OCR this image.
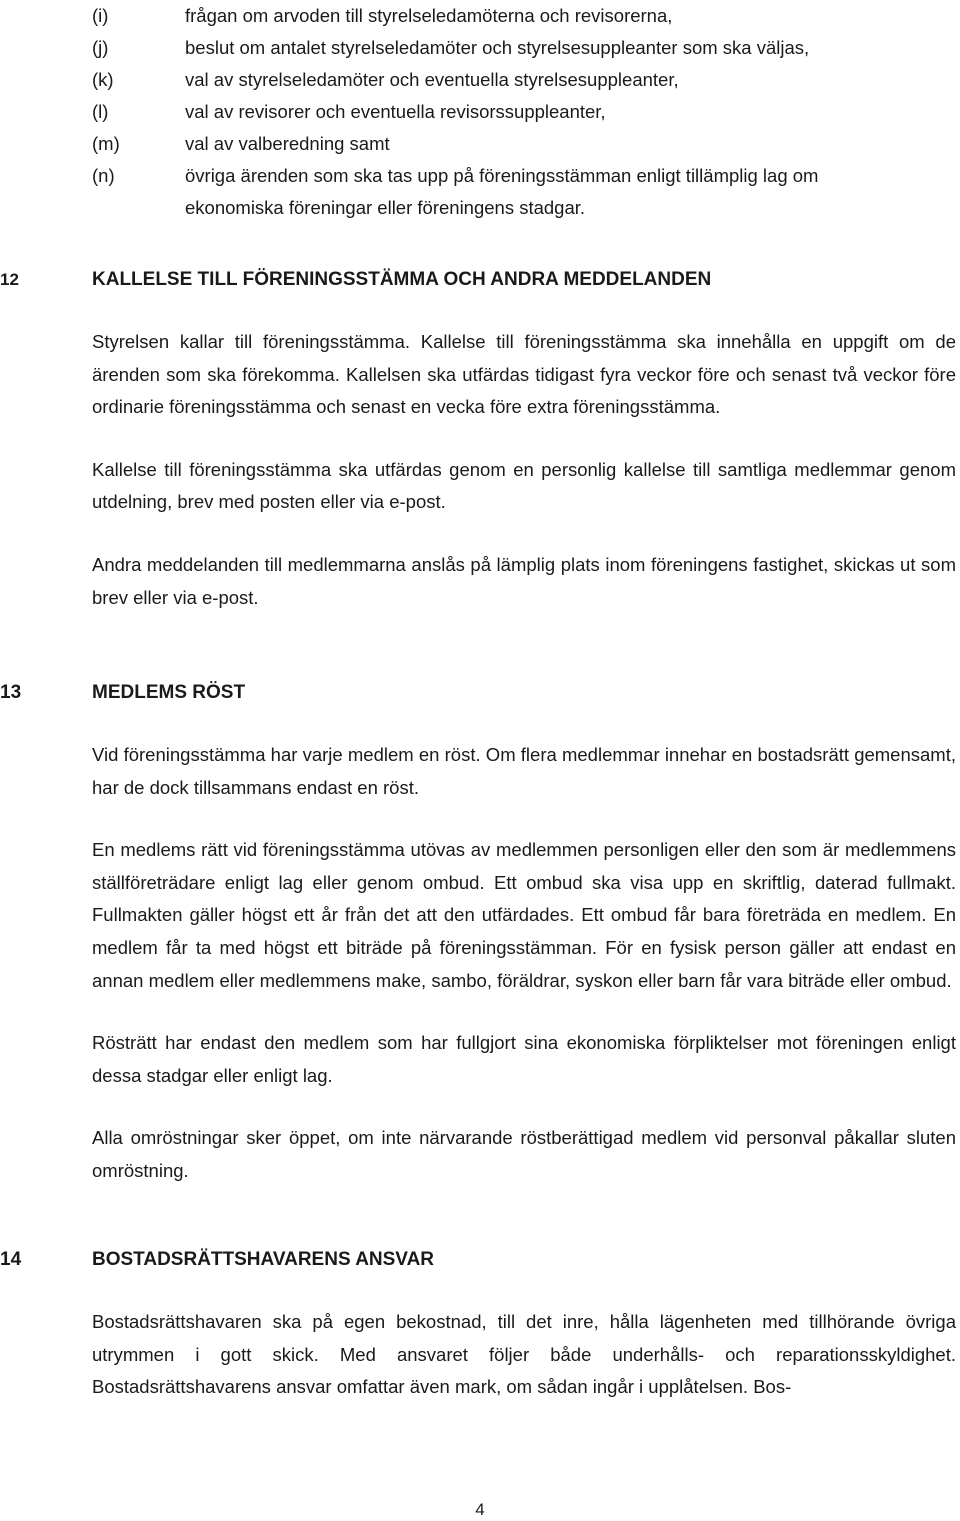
(i)	frågan om arvoden till styrelseledamöterna och revisorerna,
(j)	beslut om antalet styrelseledamöter och styrelsesuppleanter som ska väljas,
(k)	val av styrelseledamöter och eventuella styrelsesuppleanter,
(l)	val av revisorer och eventuella revisorssuppleanter,
(m)	val av valberedning samt
(n)	övriga ärenden som ska tas upp på föreningsstämman enligt tillämplig lag om
ekonomiska föreningar eller föreningens stadgar.
12	KALLELSE TILL FÖRENINGSSTÄMMA OCH ANDRA MEDDELANDEN

Styrelsen kallar till föreningsstämma. Kallelse till föreningsstämma ska innehålla en uppgift om de ärenden som ska förekomma. Kallelsen ska utfärdas tidigast fyra veckor före och senast två veckor före ordinarie föreningsstämma och senast en vecka före extra föreningsstämma.

Kallelse till föreningsstämma ska utfärdas genom en personlig kallelse till samtliga medlemmar genom utdelning, brev med posten eller via e-post.

Andra meddelanden till medlemmarna anslås på lämplig plats inom föreningens fastighet, skickas ut som brev eller via e-post.

13	MEDLEMS RÖST

Vid föreningsstämma har varje medlem en röst. Om flera medlemmar innehar en bostadsrätt gemensamt, har de dock tillsammans endast en röst.

En medlems rätt vid föreningsstämma utövas av medlemmen personligen eller den som är medlemmens ställföreträdare enligt lag eller genom ombud. Ett ombud ska visa upp en skriftlig, daterad fullmakt. Fullmakten gäller högst ett år från det att den utfärdades. Ett ombud får bara företräda en medlem. En medlem får ta med högst ett biträde på föreningsstämman. För en fysisk person gäller att endast en annan medlem eller medlemmens make, sambo, föräldrar, syskon eller barn får vara biträde eller ombud.

Rösträtt har endast den medlem som har fullgjort sina ekonomiska förpliktelser mot föreningen enligt dessa stadgar eller enligt lag.

Alla omröstningar sker öppet, om inte närvarande röstberättigad medlem vid personval påkallar sluten omröstning.

14	BOSTADSRÄTTSHAVARENS ANSVAR

Bostadsrättshavaren ska på egen bekostnad, till det inre, hålla lägenheten med tillhörande övriga utrymmen i gott skick. Med ansvaret följer både underhålls- och reparationsskyldighet. Bostadsrättshavarens ansvar omfattar även mark, om sådan ingår i upplåtelsen. Bos-

4
